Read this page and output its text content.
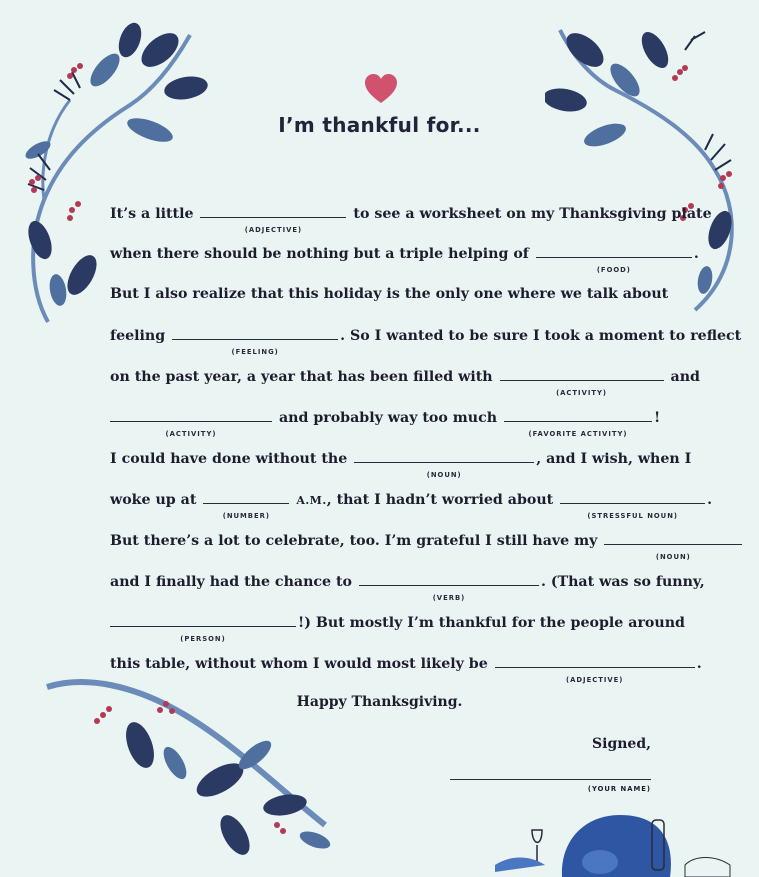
I’m thankful for...
It’s a little
(ADJECTIVE)
to see a worksheet on my Thanksgiving plate
when there should be nothing but a triple helping of
(FOOD)
.
But I also realize that this holiday is the only one where we talk about
feeling
(FEELING)
. So I wanted to be sure I took a moment to reflect
on the past year, a year that has been filled with
(ACTIVITY)
and
(ACTIVITY)
and probably way too much
(FAVORITE ACTIVITY)
!
I could have done without the
(NOUN)
, and I wish, when I
woke up at
(NUMBER)
A.M., that I hadn’t worried about
(STRESSFUL NOUN)
.
But there’s a lot to celebrate, too. I’m grateful I still have my
(NOUN)
and I finally had the chance to
(VERB)
. (That was so funny,
(PERSON)
!) But mostly I’m thankful for the people around
this table, without whom I would most likely be
(ADJECTIVE)
.
Happy Thanksgiving.
Signed,
(YOUR NAME)
